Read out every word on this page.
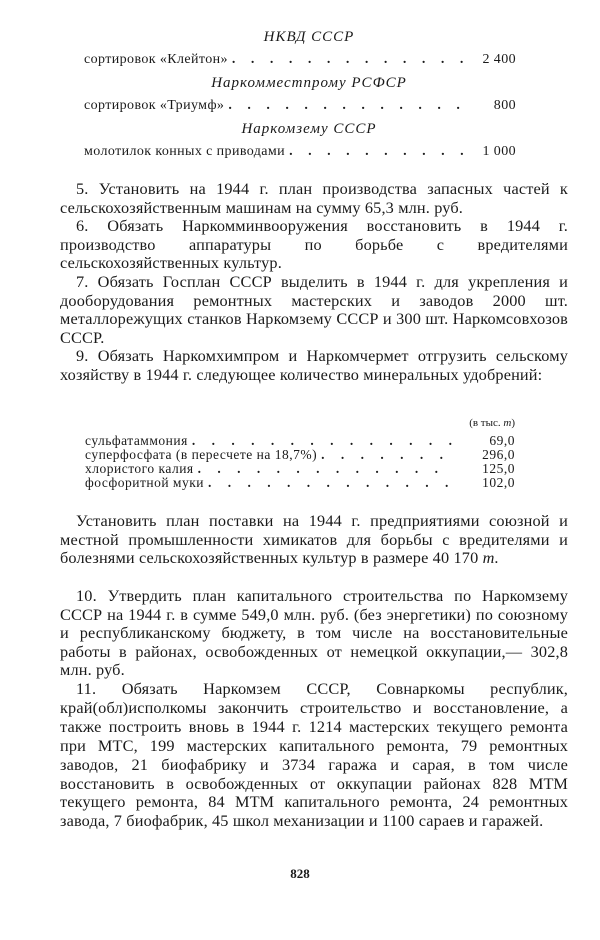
НКВД СССР
сортировок «Клейтон» . . .	2 400
Наркомместпрому РСФСР
сортировок «Триумф» . . .	800
Наркомзему СССР
молотилок конных с приводами . . .	1 000

5. Установить на 1944 г. план производства запасных частей к сельскохозяйственным машинам на сумму 65,3 млн. руб.

6. Обязать Наркомминвооружения восстановить в 1944 г. производство аппаратуры по борьбе с вредителями сельскохозяйственных культур.

7. Обязать Госплан СССР выделить в 1944 г. для укрепления и дооборудования ремонтных мастерских и заводов 2000 шт. металлорежущих станков Наркомзему СССР и 300 шт. Наркомсовхозов СССР.

9. Обязать Наркомхимпром и Наркомчермет отгрузить сельскому хозяйству в 1944 г. следующее количество минеральных удобрений:

(в тыс. т)
сульфатаммония . . .	69,0
суперфосфата (в пересчете на 18,7%) . . .	296,0
хлористого калия . . .	125,0
фосфоритной муки . . .	102,0

Установить план поставки на 1944 г. предприятиями союзной и местной промышленности химикатов для борьбы с вредителями и болезнями сельскохозяйственных культур в размере 40 170 т.

10. Утвердить план капитального строительства по Наркомзему СССР на 1944 г. в сумме 549,0 млн. руб. (без энергетики) по союзному и республиканскому бюджету, в том числе на восстановительные работы в районах, освобожденных от немецкой оккупации,— 302,8 млн. руб.

11. Обязать Наркомзем СССР, Совнаркомы республик, край(обл)исполкомы закончить строительство и восстановление, а также построить вновь в 1944 г. 1214 мастерских текущего ремонта при МТС, 199 мастерских капитального ремонта, 79 ремонтных заводов, 21 биофабрику и 3734 гаража и сарая, в том числе восстановить в освобожденных от оккупации районах 828 МТМ текущего ремонта, 84 МТМ капитального ремонта, 24 ремонтных завода, 7 биофабрик, 45 школ механизации и 1100 сараев и гаражей.

828
